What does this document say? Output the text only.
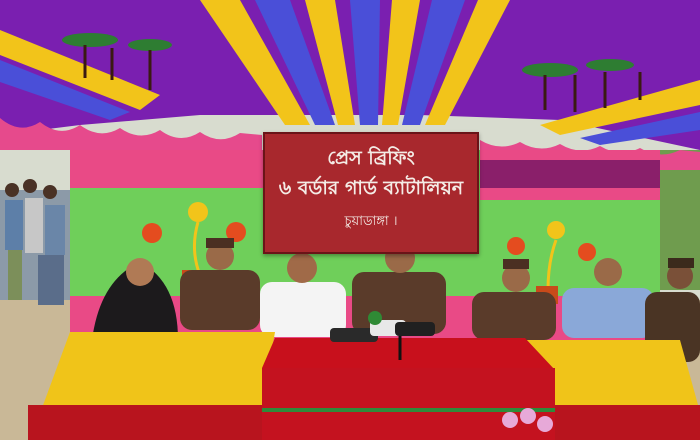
প্রেস ব্রিফিং
৬ বর্ডার গার্ড ব্যাটালিয়ন
চুয়াডাঙ্গা ।
